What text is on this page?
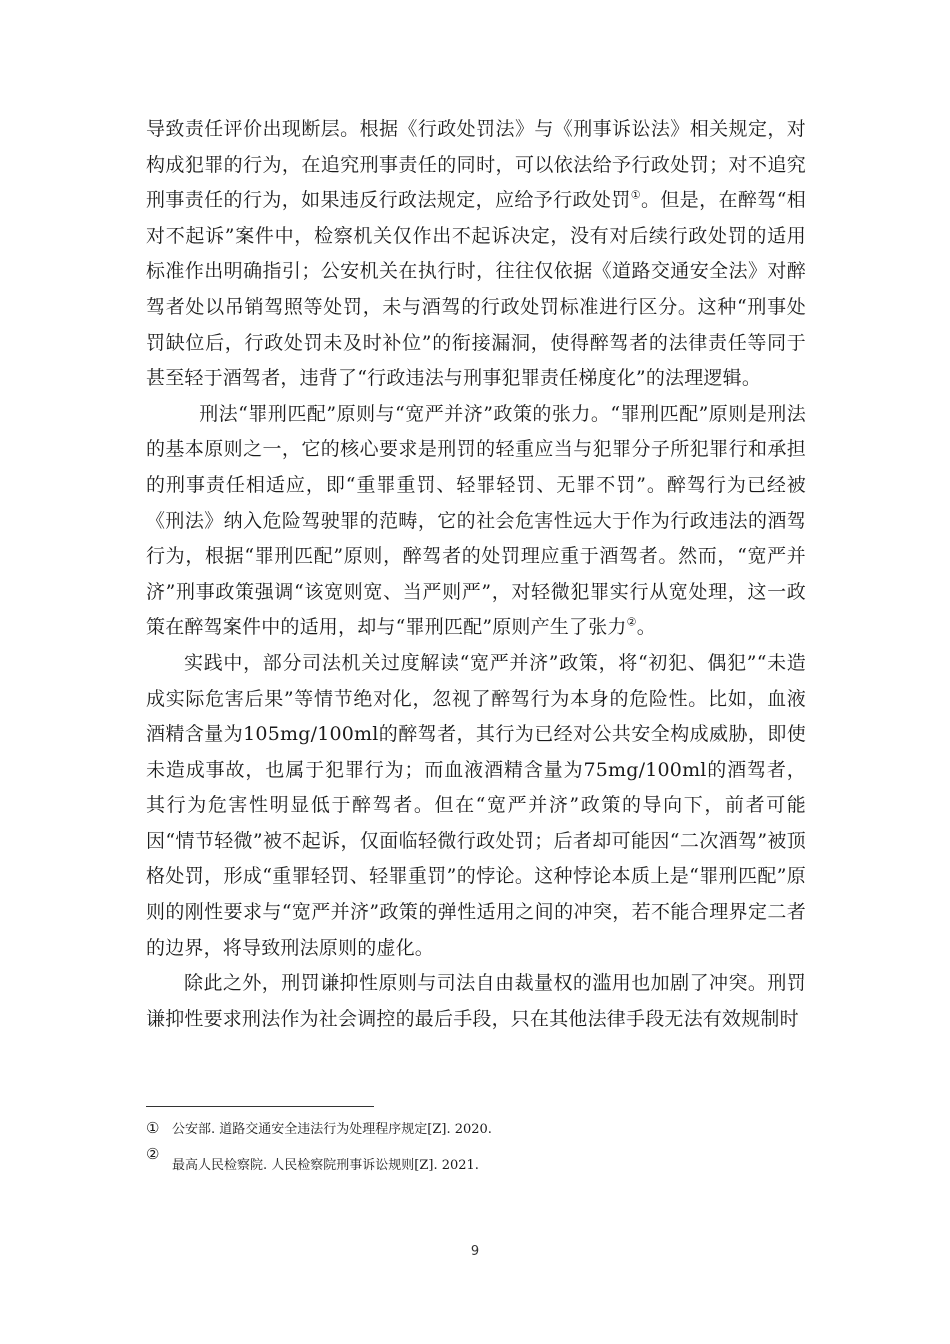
导致责任评价出现断层。根据《行政处罚法》与《刑事诉讼法》相关规定，对构成犯罪的行为，在追究刑事责任的同时，可以依法给予行政处罚；对不追究刑事责任的行为，如果违反行政法规定，应给予行政处罚①。但是，在醉驾“相对不起诉”案件中，检察机关仅作出不起诉决定，没有对后续行政处罚的适用标准作出明确指引；公安机关在执行时，往往仅依据《道路交通安全法》对醉驾者处以吊销驾照等处罚，未与酒驾的行政处罚标准进行区分。这种“刑事处罚缺位后，行政处罚未及时补位”的衔接漏洞，使得醉驾者的法律责任等同于甚至轻于酒驾者，违背了“行政违法与刑事犯罪责任梯度化”的法理逻辑。

刑法“罪刑匹配”原则与“宽严并济”政策的张力。“罪刑匹配”原则是刑法的基本原则之一，它的核心要求是刑罚的轻重应当与犯罪分子所犯罪行和承担的刑事责任相适应，即“重罪重罚、轻罪轻罚、无罪不罚”。醉驾行为已经被《刑法》纳入危险驾驶罪的范畴，它的社会危害性远大于作为行政违法的酒驾行为，根据“罪刑匹配”原则，醉驾者的处罚理应重于酒驾者。然而，“宽严并济”刑事政策强调“该宽则宽、当严则严”，对轻微犯罪实行从宽处理，这一政策在醉驾案件中的适用，却与“罪刑匹配”原则产生了张力②。

实践中，部分司法机关过度解读“宽严并济”政策，将“初犯、偶犯”“未造成实际危害后果”等情节绝对化，忽视了醉驾行为本身的危险性。比如，血液酒精含量为105mg/100ml的醉驾者，其行为已经对公共安全构成威胁，即使未造成事故，也属于犯罪行为；而血液酒精含量为75mg/100ml的酒驾者，其行为危害性明显低于醉驾者。但在“宽严并济”政策的导向下，前者可能因“情节轻微”被不起诉，仅面临轻微行政处罚；后者却可能因“二次酒驾”被顶格处罚，形成“重罪轻罚、轻罪重罚”的悖论。这种悖论本质上是“罪刑匹配”原则的刚性要求与“宽严并济”政策的弹性适用之间的冲突，若不能合理界定二者的边界，将导致刑法原则的虚化。

除此之外，刑罚谦抑性原则与司法自由裁量权的滥用也加剧了冲突。刑罚谦抑性要求刑法作为社会调控的最后手段，只在其他法律手段无法有效规制时

① 公安部. 道路交通安全违法行为处理程序规定[Z]. 2020.
②
最高人民检察院. 人民检察院刑事诉讼规则[Z]. 2021.
9
